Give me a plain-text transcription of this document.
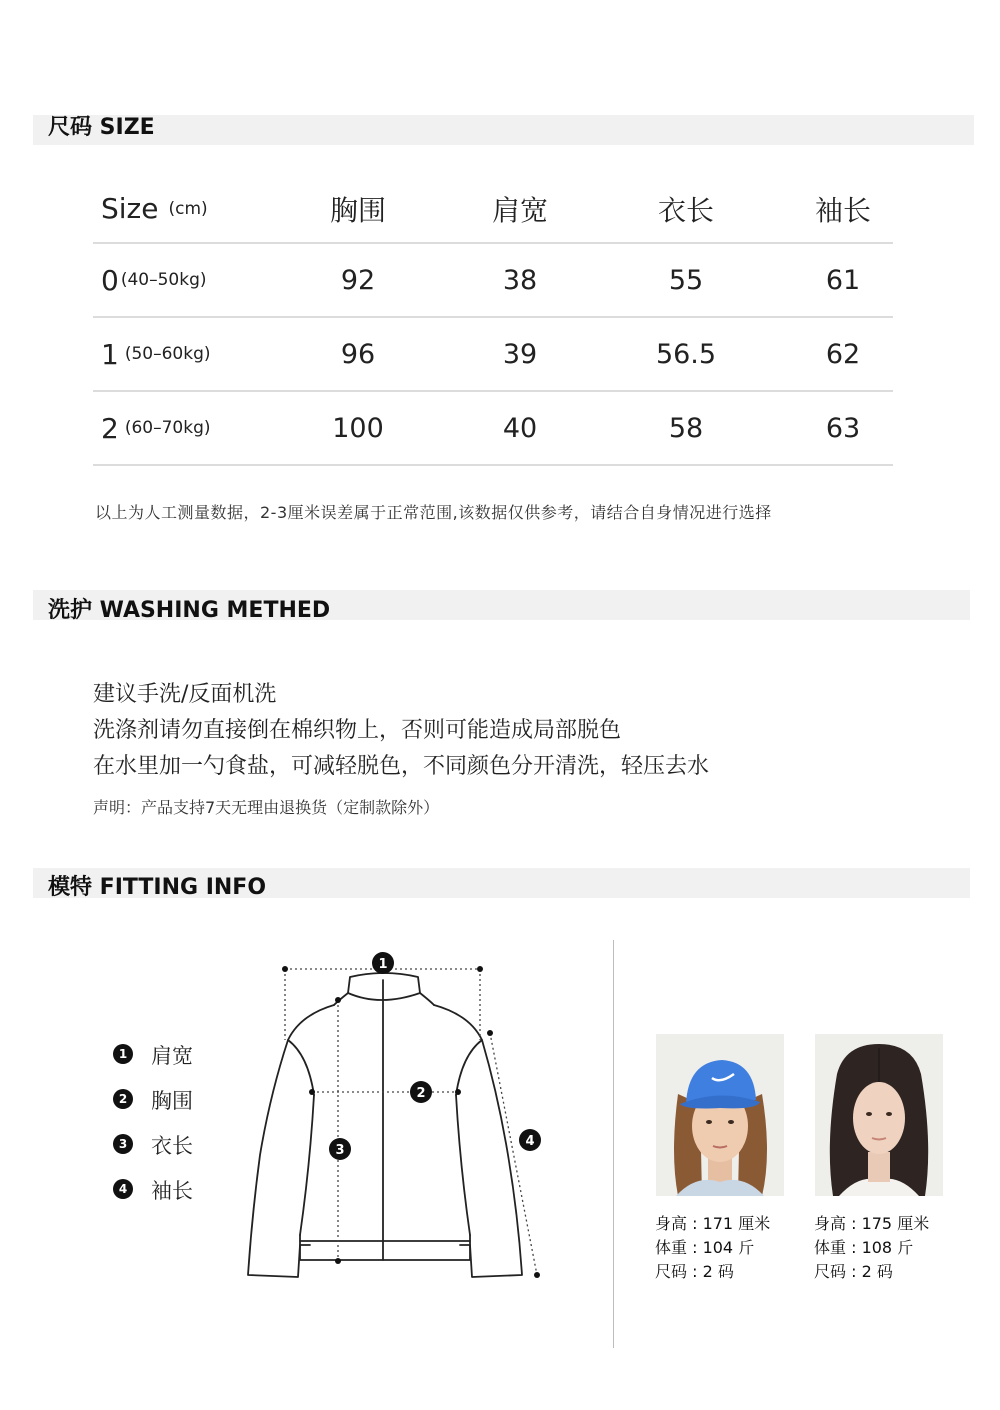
尺码 SIZE
Size (cm)	胸围	肩宽	衣长	袖长
0 (40–50kg)	92	38	55	61
1 (50–60kg)	96	39	56.5	62
2 (60–70kg)	100	40	58	63
以上为人工测量数据，2-3厘米误差属于正常范围,该数据仅供参考，请结合自身情况进行选择
洗护 WASHING METHED
建议手洗/反面机洗
洗涤剂请勿直接倒在棉织物上，否则可能造成局部脱色
在水里加一勺食盐，可减轻脱色，不同颜色分开清洗，轻压去水
声明：产品支持7天无理由退换货（定制款除外）
模特 FITTING INFO
1 肩宽
2 胸围
3 衣长
4 袖长
1
2
3
4
身高 : 171 厘米
体重 : 104 斤
尺码 : 2 码
身高 : 175 厘米
体重 : 108 斤
尺码 : 2 码
